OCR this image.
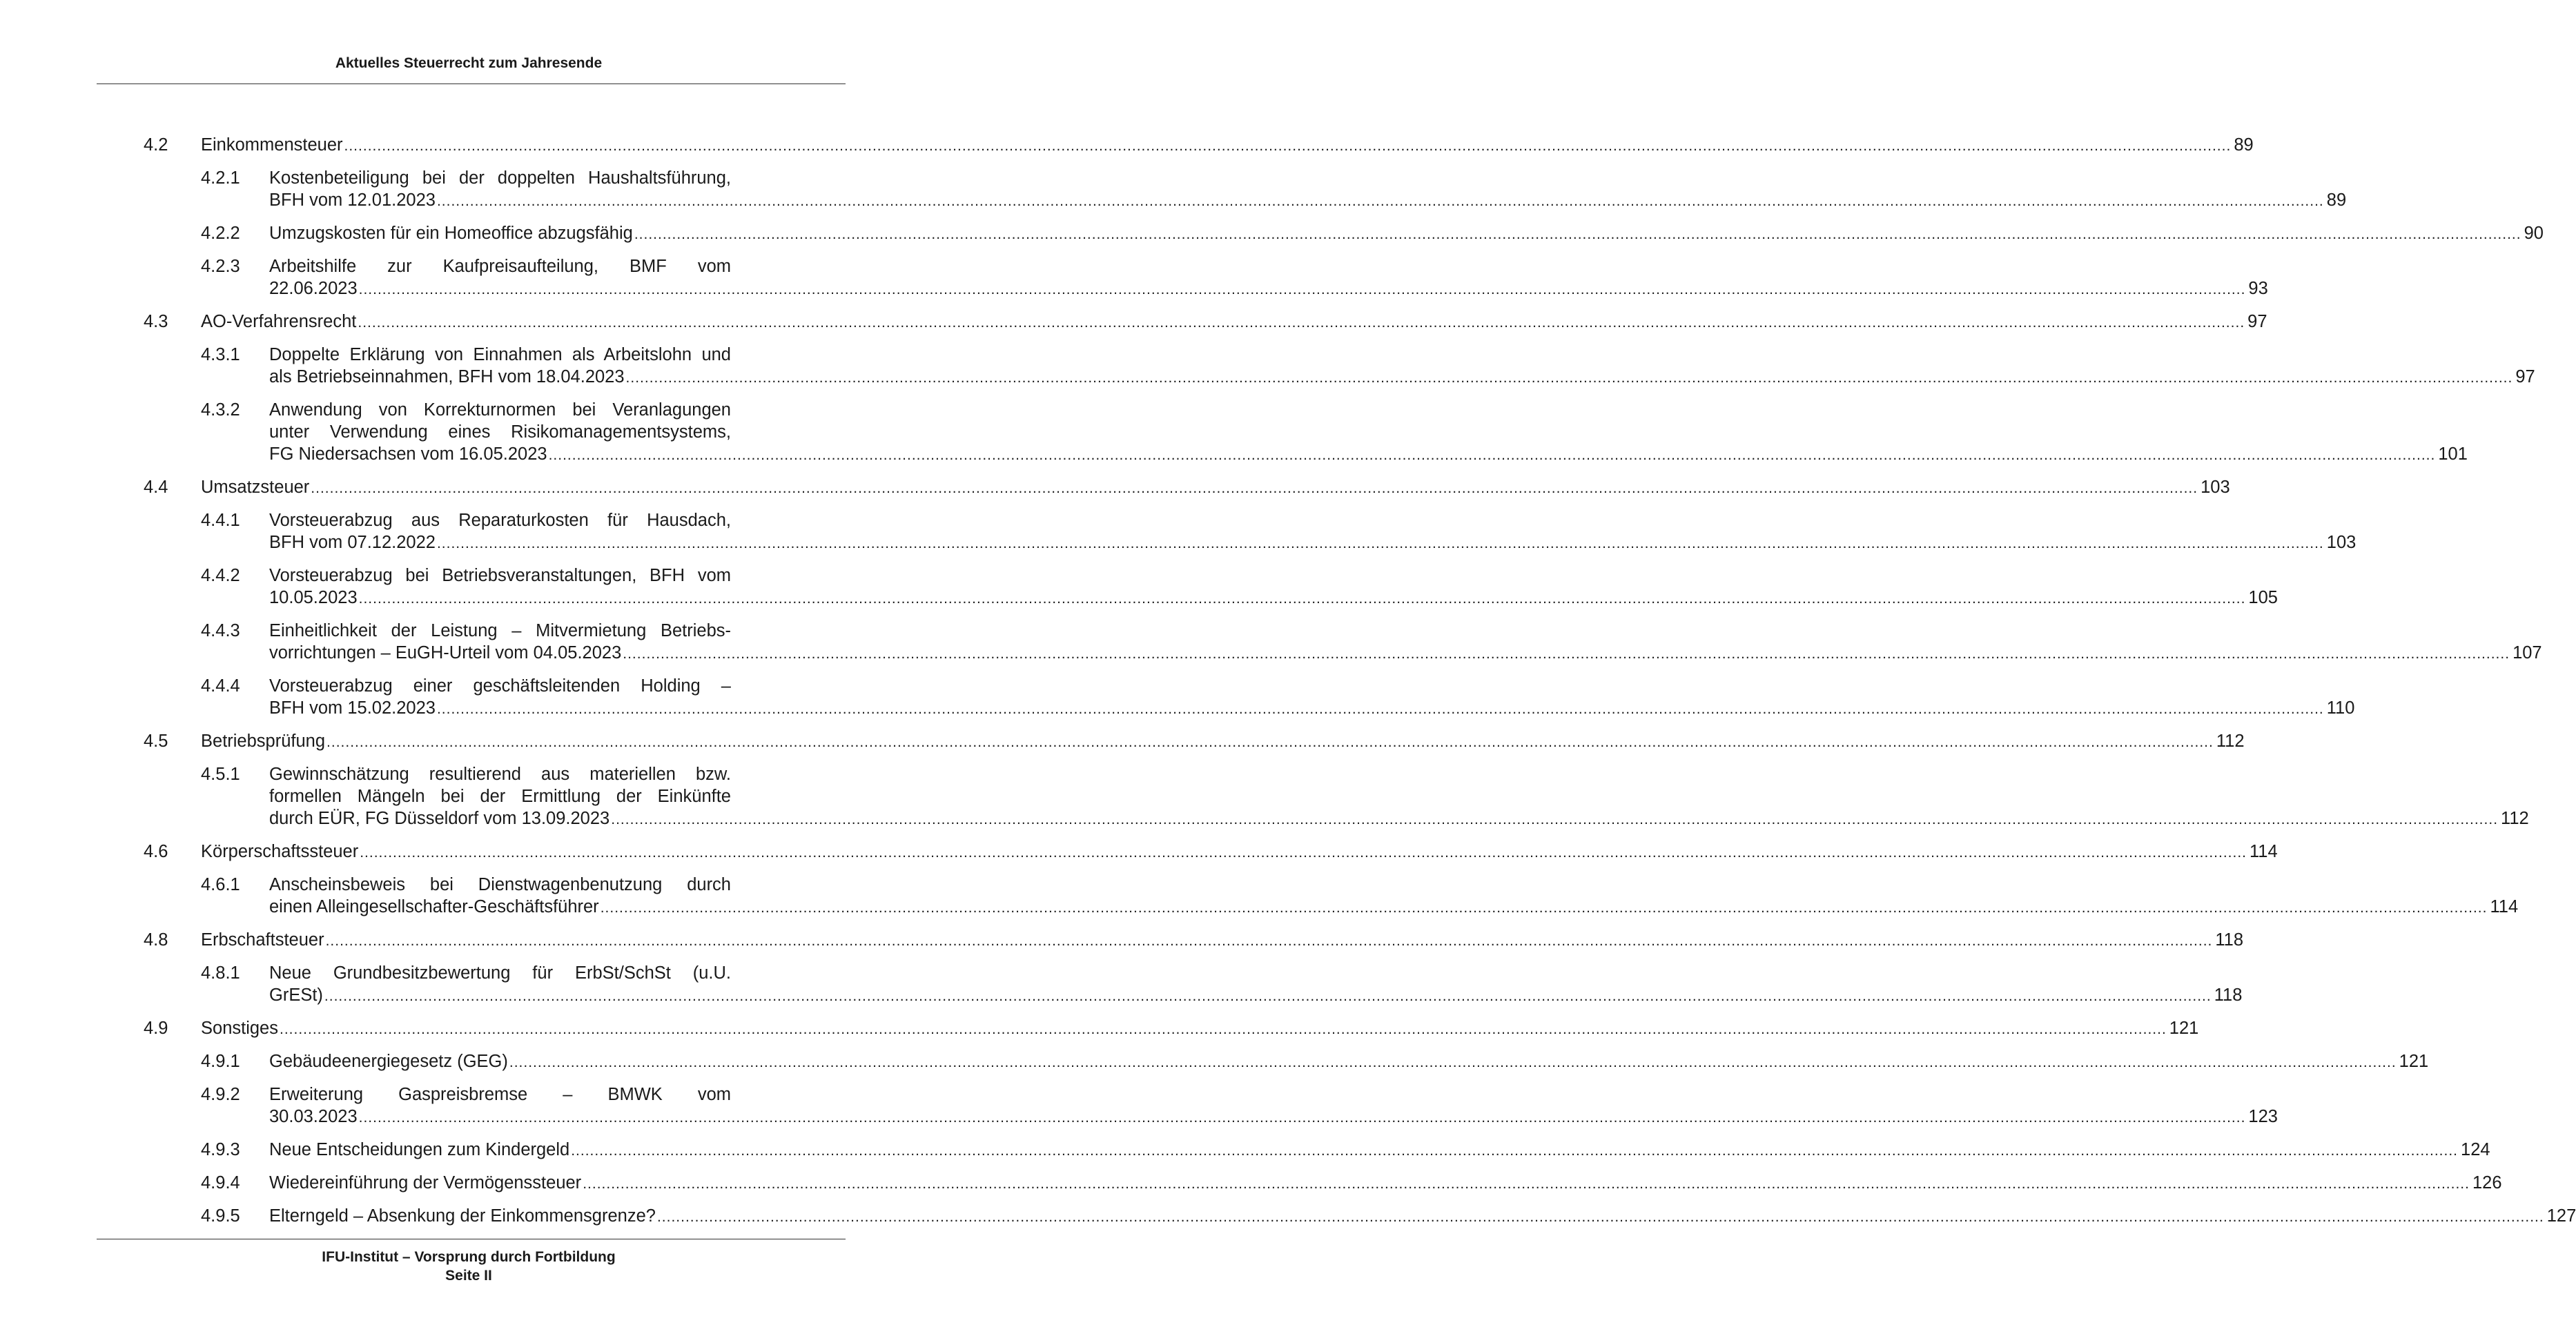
Aktuelles Steuerrecht zum Jahresende
4.2 Einkommensteuer ................................................................................................................................................................................................................................................................................................................................................................................................................ 89
4.2.1 Kostenbeteiligung bei der doppelten Haushaltsführung,
BFH vom 12.01.2023 ................................................................................................................................................................................................................................................................................................................................................................................................................ 89
4.2.2 Umzugskosten für ein Homeoffice abzugsfähig ................................................................................................................................................................................................................................................................................................................................................................................................................ 90
4.2.3 Arbeitshilfe zur Kaufpreisaufteilung, BMF vom
22.06.2023 ................................................................................................................................................................................................................................................................................................................................................................................................................ 93
4.3 AO-Verfahrensrecht ................................................................................................................................................................................................................................................................................................................................................................................................................ 97
4.3.1 Doppelte Erklärung von Einnahmen als Arbeitslohn und
als Betriebseinnahmen, BFH vom 18.04.2023 ................................................................................................................................................................................................................................................................................................................................................................................................................ 97
4.3.2 Anwendung von Korrekturnormen bei Veranlagungen
unter Verwendung eines Risikomanagementsystems,
FG Niedersachsen vom 16.05.2023 ................................................................................................................................................................................................................................................................................................................................................................................................................ 101
4.4 Umsatzsteuer ................................................................................................................................................................................................................................................................................................................................................................................................................ 103
4.4.1 Vorsteuerabzug aus Reparaturkosten für Hausdach,
BFH vom 07.12.2022 ................................................................................................................................................................................................................................................................................................................................................................................................................ 103
4.4.2 Vorsteuerabzug bei Betriebsveranstaltungen, BFH vom
10.05.2023 ................................................................................................................................................................................................................................................................................................................................................................................................................ 105
4.4.3 Einheitlichkeit der Leistung – Mitvermietung Betriebs-
vorrichtungen – EuGH-Urteil vom 04.05.2023 ................................................................................................................................................................................................................................................................................................................................................................................................................ 107
4.4.4 Vorsteuerabzug einer geschäftsleitenden Holding –
BFH vom 15.02.2023 ................................................................................................................................................................................................................................................................................................................................................................................................................ 110
4.5 Betriebsprüfung ................................................................................................................................................................................................................................................................................................................................................................................................................ 112
4.5.1 Gewinnschätzung resultierend aus materiellen bzw.
formellen Mängeln bei der Ermittlung der Einkünfte
durch EÜR, FG Düsseldorf vom 13.09.2023 ................................................................................................................................................................................................................................................................................................................................................................................................................ 112
4.6 Körperschaftssteuer ................................................................................................................................................................................................................................................................................................................................................................................................................ 114
4.6.1 Anscheinsbeweis bei Dienstwagenbenutzung durch
einen Alleingesellschafter-Geschäftsführer ................................................................................................................................................................................................................................................................................................................................................................................................................ 114
4.8 Erbschaftsteuer ................................................................................................................................................................................................................................................................................................................................................................................................................ 118
4.8.1 Neue Grundbesitzbewertung für ErbSt/SchSt (u.U.
GrESt) ................................................................................................................................................................................................................................................................................................................................................................................................................ 118
4.9 Sonstiges ................................................................................................................................................................................................................................................................................................................................................................................................................ 121
4.9.1 Gebäudeenergiegesetz (GEG) ................................................................................................................................................................................................................................................................................................................................................................................................................ 121
4.9.2 Erweiterung Gaspreisbremse – BMWK vom
30.03.2023 ................................................................................................................................................................................................................................................................................................................................................................................................................ 123
4.9.3 Neue Entscheidungen zum Kindergeld ................................................................................................................................................................................................................................................................................................................................................................................................................ 124
4.9.4 Wiedereinführung der Vermögenssteuer ................................................................................................................................................................................................................................................................................................................................................................................................................ 126
4.9.5 Elterngeld – Absenkung der Einkommensgrenze? ................................................................................................................................................................................................................................................................................................................................................................................................................ 127
IFU-Institut – Vorsprung durch Fortbildung
Seite II
